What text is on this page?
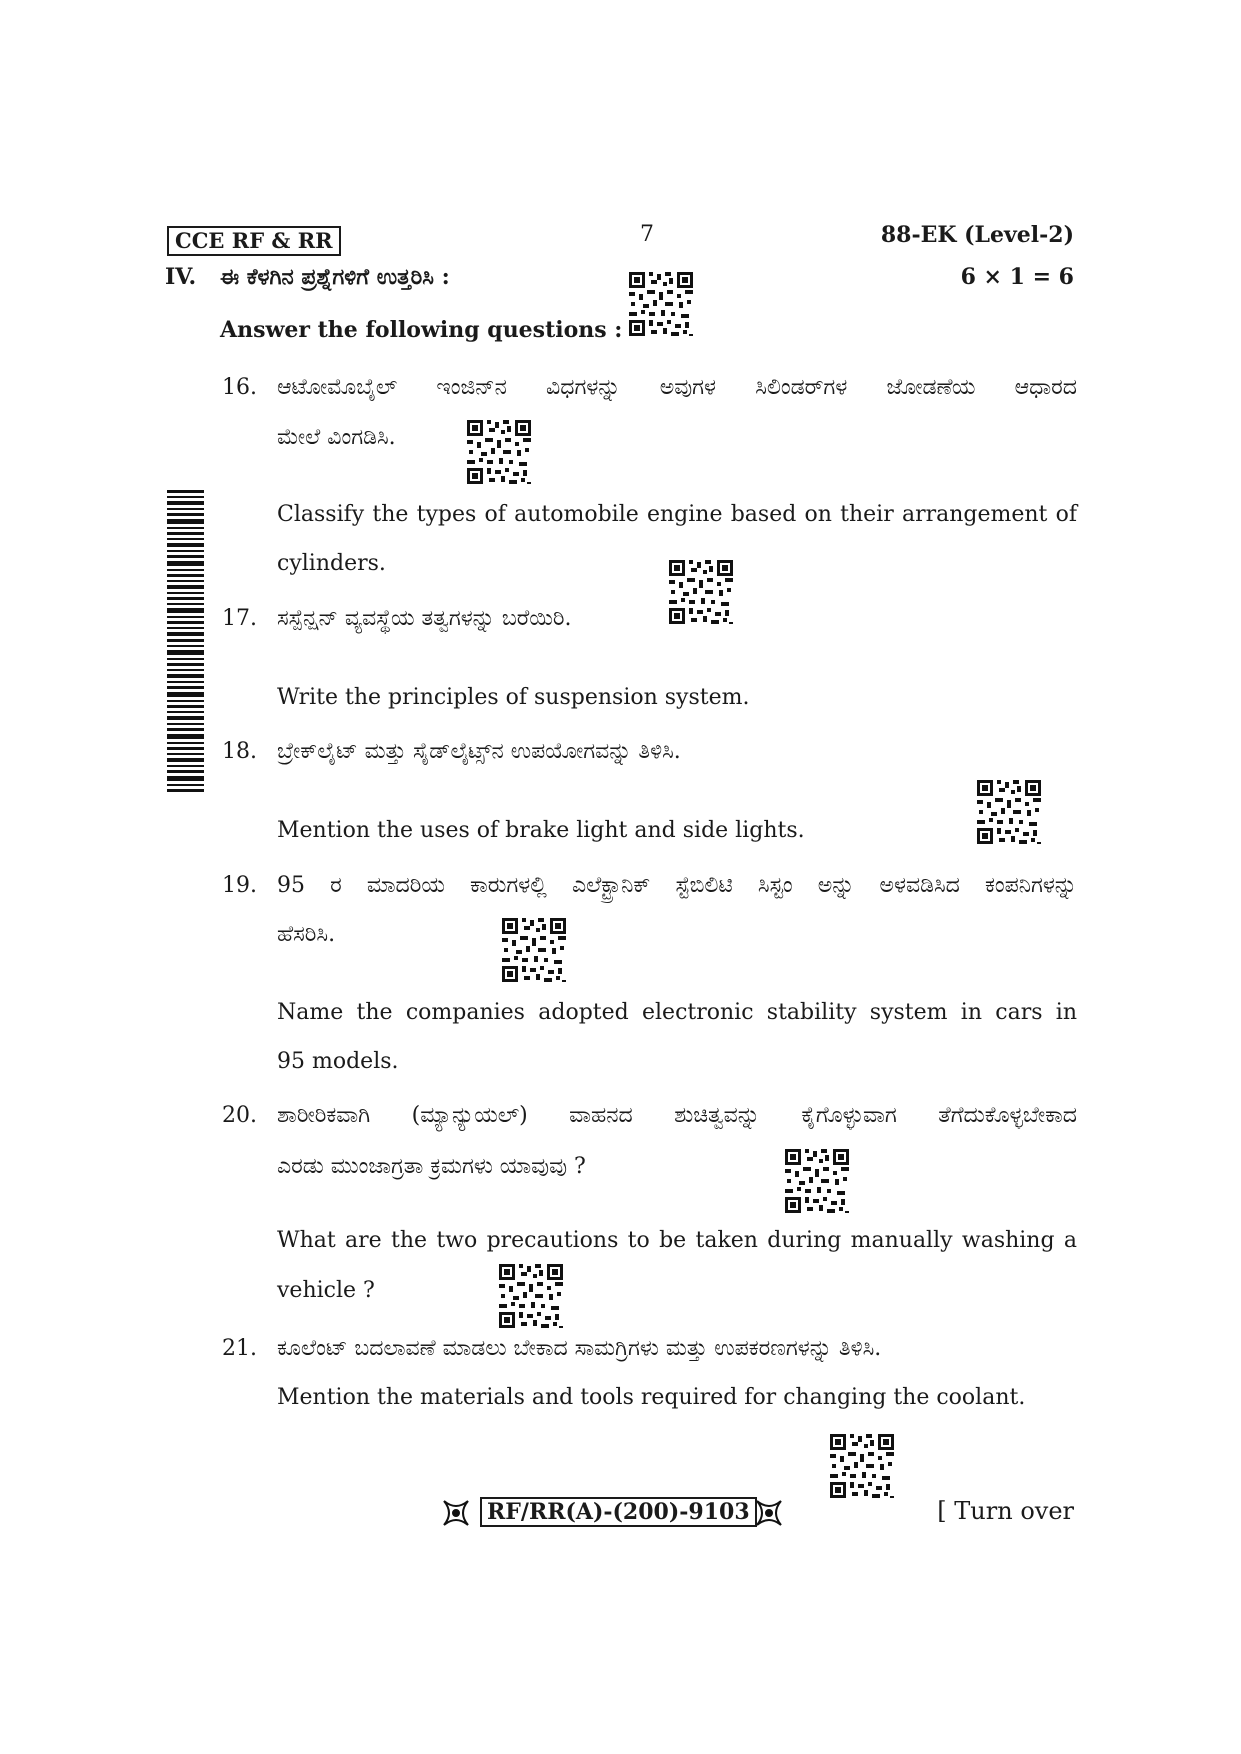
CCE RF & RR	7	88-EK (Level-2)
IV. ಈ ಕೆಳಗಿನ ಪ್ರಶ್ನೆಗಳಿಗೆ ಉತ್ತರಿಸಿ :	6 × 1 = 6
Answer the following questions :
16. ಆಟೋಮೊಬೈಲ್ ಇಂಜಿನ್‌ನ ವಿಧಗಳನ್ನು ಅವುಗಳ ಸಿಲಿಂಡರ್‌ಗಳ ಜೋಡಣೆಯ ಆಧಾರದ
ಮೇಲೆ ವಿಂಗಡಿಸಿ.
Classify the types of automobile engine based on their arrangement of
cylinders.
17. ಸಸ್ಪೆನ್ಷನ್ ವ್ಯವಸ್ಥೆಯ ತತ್ವಗಳನ್ನು ಬರೆಯಿರಿ.
Write the principles of suspension system.
18. ಬ್ರೇಕ್‌ಲೈಟ್ ಮತ್ತು ಸೈಡ್‌ಲೈಟ್ಸ್‌ನ ಉಪಯೋಗವನ್ನು ತಿಳಿಸಿ.
Mention the uses of brake light and side lights.
19. 95 ರ ಮಾದರಿಯ ಕಾರುಗಳಲ್ಲಿ ಎಲೆಕ್ಟ್ರಾನಿಕ್ ಸ್ಟೆಬಿಲಿಟಿ ಸಿಸ್ಟಂ ಅನ್ನು ಅಳವಡಿಸಿದ ಕಂಪನಿಗಳನ್ನು
ಹೆಸರಿಸಿ.
Name the companies adopted electronic stability system in cars in
95 models.
20. ಶಾರೀರಿಕವಾಗಿ (ಮ್ಯಾನ್ಯುಯಲ್) ವಾಹನದ ಶುಚಿತ್ವವನ್ನು ಕೈಗೊಳ್ಳುವಾಗ ತೆಗೆದುಕೊಳ್ಳಬೇಕಾದ
ಎರಡು ಮುಂಜಾಗ್ರತಾ ಕ್ರಮಗಳು ಯಾವುವು ?
What are the two precautions to be taken during manually washing a
vehicle ?
21. ಕೂಲೆಂಟ್ ಬದಲಾವಣೆ ಮಾಡಲು ಬೇಕಾದ ಸಾಮಗ್ರಿಗಳು ಮತ್ತು ಉಪಕರಣಗಳನ್ನು ತಿಳಿಸಿ.
Mention the materials and tools required for changing the coolant.
RF/RR(A)-(200)-9103	[ Turn over
